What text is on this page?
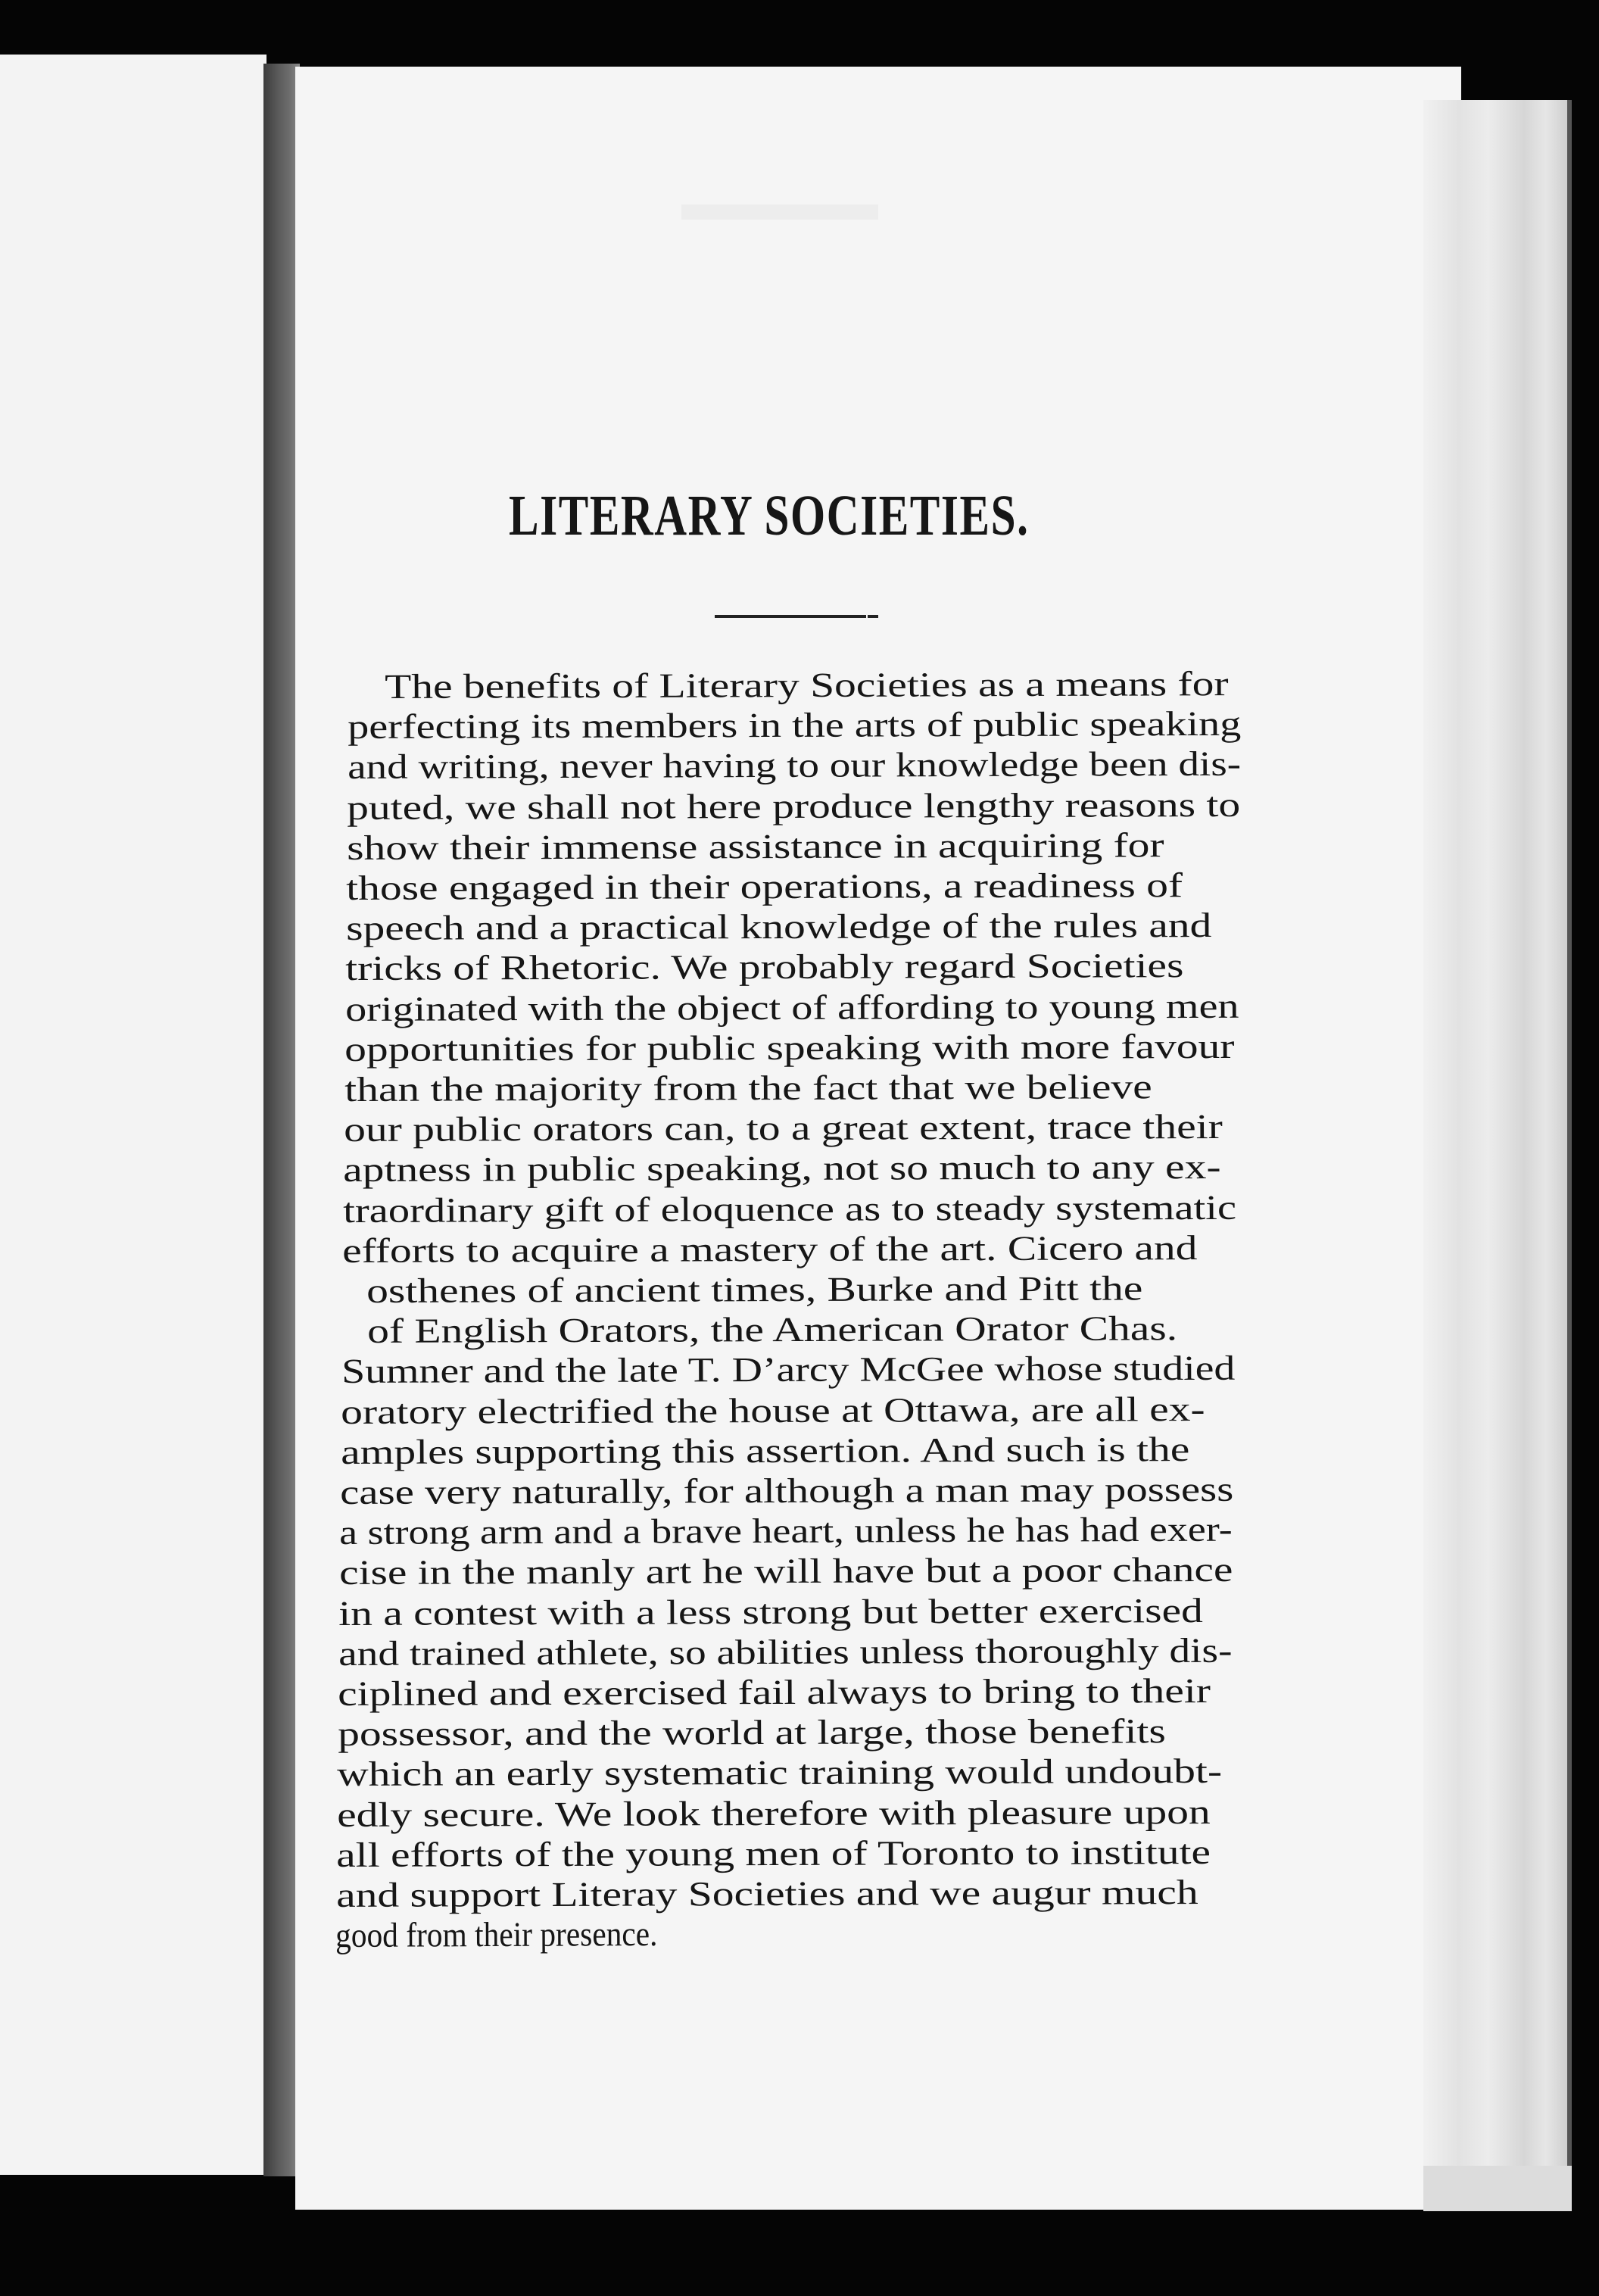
LITERARY SOCIETIES.
The benefits of Literary Societies as a means for
perfecting its members in the arts of public speaking
and writing, never having to our knowledge been dis-
puted, we shall not here produce lengthy reasons to
show their immense assistance in acquiring for
those engaged in their operations, a readiness of
speech and a practical knowledge of the rules and
tricks of Rhetoric. We probably regard Societies
originated with the object of affording to young men
opportunities for public speaking with more favour
than the majority from the fact that we believe
our public orators can, to a great extent, trace their
aptness in public speaking, not so much to any ex-
traordinary gift of eloquence as to steady systematic
efforts to acquire a mastery of the art. Cicero and
osthenes of ancient times, Burke and Pitt the
of English Orators, the American Orator Chas.
Sumner and the late T. D’arcy McGee whose studied
oratory electrified the house at Ottawa, are all ex-
amples supporting this assertion. And such is the
case very naturally, for although a man may possess
a strong arm and a brave heart, unless he has had exer-
cise in the manly art he will have but a poor chance
in a contest with a less strong but better exercised
and trained athlete, so abilities unless thoroughly dis-
ciplined and exercised fail always to bring to their
possessor, and the world at large, those benefits
which an early systematic training would undoubt-
edly secure. We look therefore with pleasure upon
all efforts of the young men of Toronto to institute
and support Literay Societies and we augur much
good from their presence.
